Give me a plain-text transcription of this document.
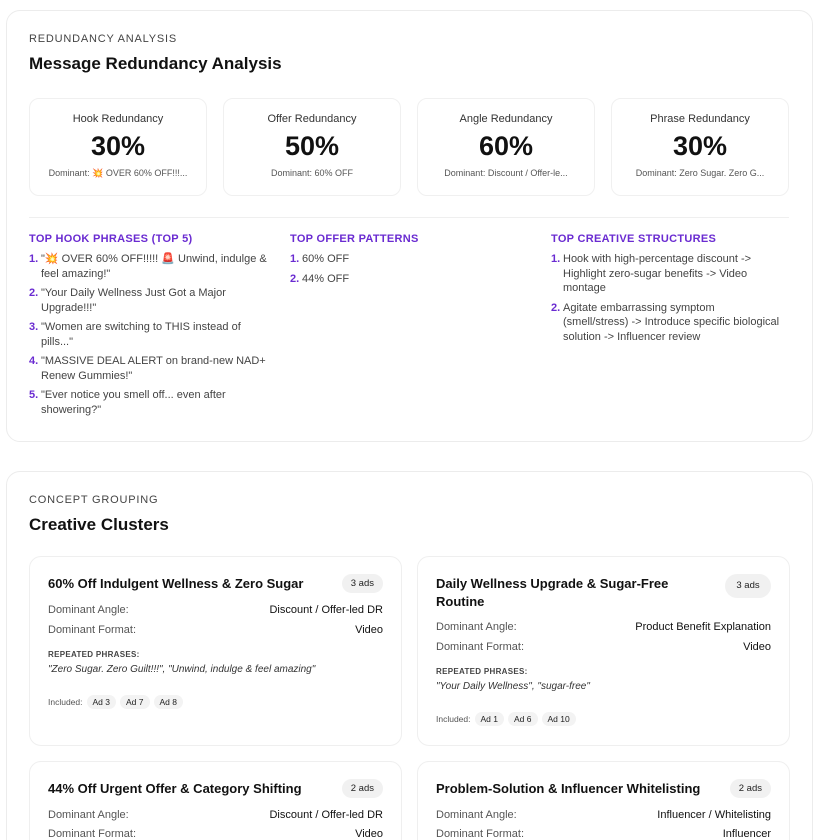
REDUNDANCY ANALYSIS
Message Redundancy Analysis
Hook Redundancy
30%
Dominant: 💥 OVER 60% OFF!!!...
Offer Redundancy
50%
Dominant: 60% OFF
Angle Redundancy
60%
Dominant: Discount / Offer-le...
Phrase Redundancy
30%
Dominant: Zero Sugar. Zero G...
TOP HOOK PHRASES (TOP 5)
1. "💥 OVER 60% OFF!!!!! 🚨 Unwind, indulge & feel amazing!"
2. "Your Daily Wellness Just Got a Major Upgrade!!!"
3. "Women are switching to THIS instead of pills..."
4. "MASSIVE DEAL ALERT on brand-new NAD+ Renew Gummies!"
5. "Ever notice you smell off... even after showering?"
TOP OFFER PATTERNS
1. 60% OFF
2. 44% OFF
TOP CREATIVE STRUCTURES
1. Hook with high-percentage discount -> Highlight zero-sugar benefits -> Video montage
2. Agitate embarrassing symptom (smell/stress) -> Introduce specific biological solution -> Influencer review
CONCEPT GROUPING
Creative Clusters
60% Off Indulgent Wellness & Zero Sugar	3 ads
Dominant Angle:	Discount / Offer-led DR
Dominant Format:	Video
REPEATED PHRASES:
"Zero Sugar. Zero Guilt!!!", "Unwind, indulge & feel amazing"
Included:	Ad 3	Ad 7	Ad 8
Daily Wellness Upgrade & Sugar-Free Routine
3 ads
Dominant Angle:	Product Benefit Explanation
Dominant Format:	Video
REPEATED PHRASES:
"Your Daily Wellness", "sugar-free"
Included:	Ad 1	Ad 6	Ad 10
44% Off Urgent Offer & Category Shifting	2 ads
Dominant Angle:	Discount / Offer-led DR
Dominant Format:	Video
Problem-Solution & Influencer Whitelisting	2 ads
Dominant Angle:	Influencer / Whitelisting
Dominant Format:	Influencer
